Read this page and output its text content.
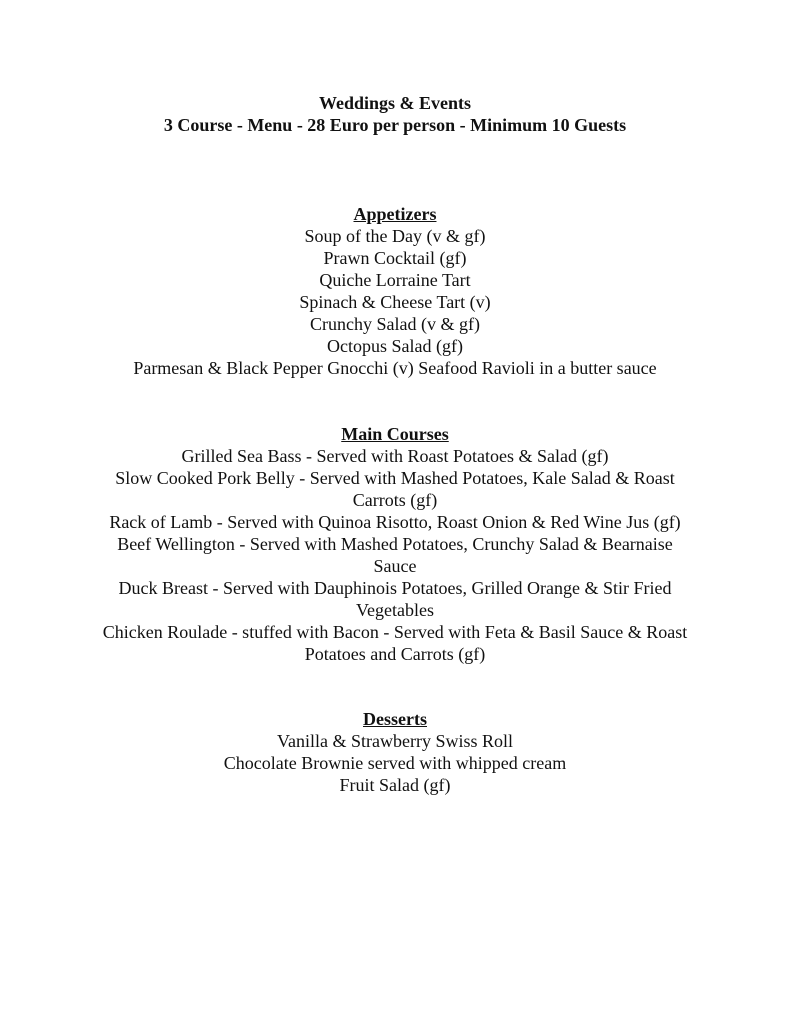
Weddings & Events
3 Course - Menu - 28 Euro per person - Minimum 10 Guests
Appetizers
Soup of the Day (v & gf)
Prawn Cocktail (gf)
Quiche Lorraine Tart
Spinach & Cheese Tart (v)
Crunchy Salad (v & gf)
Octopus Salad (gf)
Parmesan & Black Pepper Gnocchi (v) Seafood Ravioli in a butter sauce
Main Courses
Grilled Sea Bass - Served with Roast Potatoes & Salad (gf)
Slow Cooked Pork Belly - Served with Mashed Potatoes, Kale Salad & Roast Carrots (gf)
Rack of Lamb - Served with Quinoa Risotto, Roast Onion & Red Wine Jus (gf)
Beef Wellington - Served with Mashed Potatoes, Crunchy Salad & Bearnaise Sauce
Duck Breast - Served with Dauphinois Potatoes, Grilled Orange & Stir Fried Vegetables
Chicken Roulade - stuffed with Bacon - Served with Feta & Basil Sauce & Roast Potatoes and Carrots (gf)
Desserts
Vanilla & Strawberry Swiss Roll
Chocolate Brownie served with whipped cream
Fruit Salad (gf)
